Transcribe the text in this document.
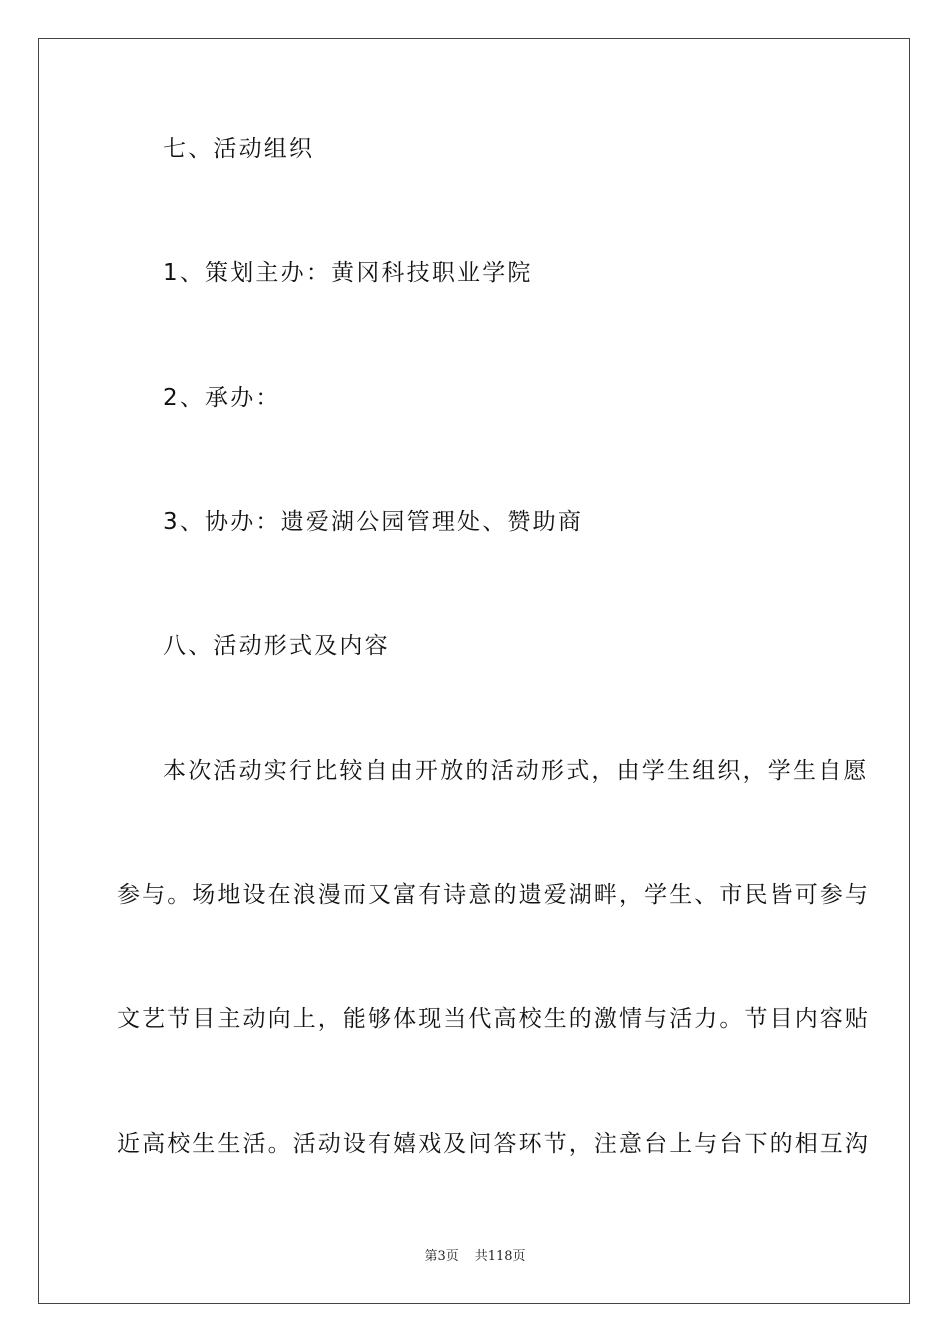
七、活动组织

1、策划主办：黄冈科技职业学院

2、承办：

3、协办：遗爱湖公园管理处、赞助商

八、活动形式及内容

本次活动实行比较自由开放的活动形式，由学生组织，学生自愿

参与。场地设在浪漫而又富有诗意的遗爱湖畔，学生、市民皆可参与

文艺节目主动向上，能够体现当代高校生的激情与活力。节目内容贴

近高校生生活。活动设有嬉戏及问答环节，注意台上与台下的相互沟

第3页 共118页
